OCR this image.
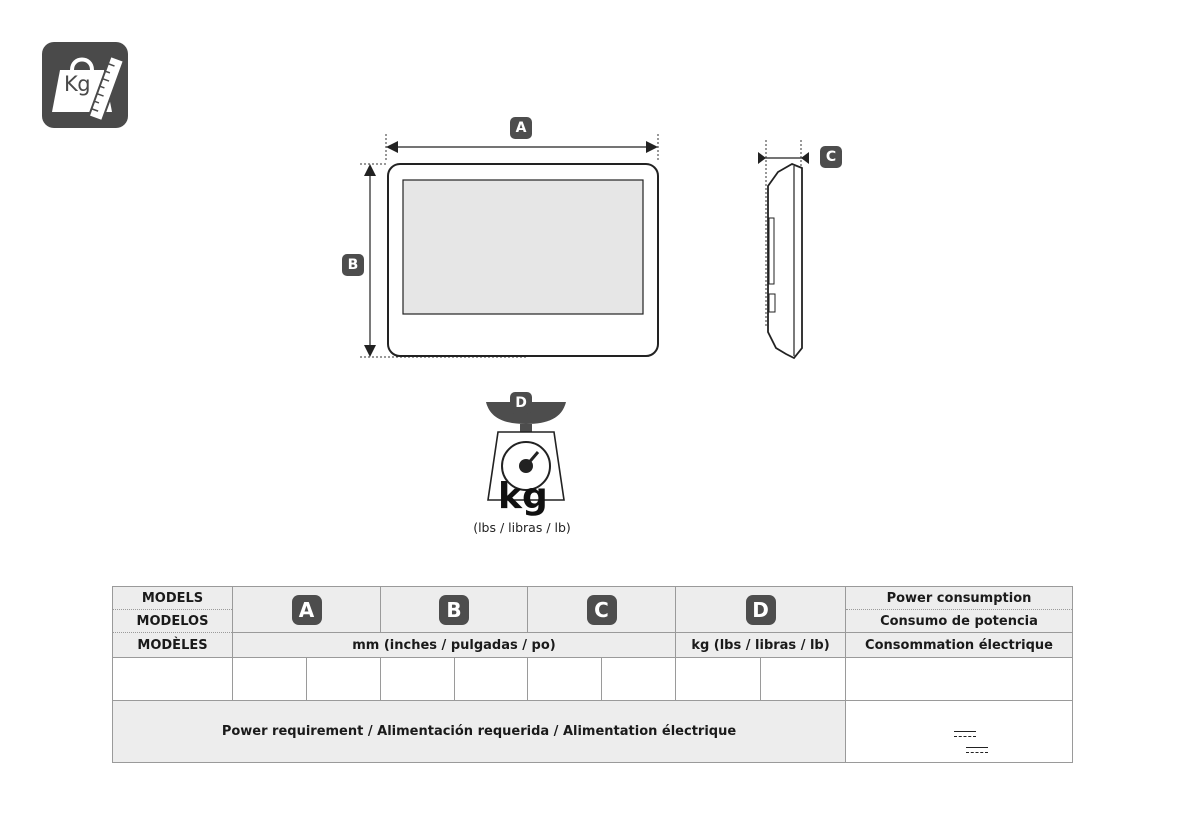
Kg
A
B
C
D
kg
(lbs / libras / lb)
MODELS	A		B		C		D		Power consumption
MODELOS									Consumo de potencia
MODÈLES	mm (inches / pulgadas / po)						kg (lbs / libras / lb)		Consommation électrique

Power requirement / Alimentación requerida / Alimentation électrique									
